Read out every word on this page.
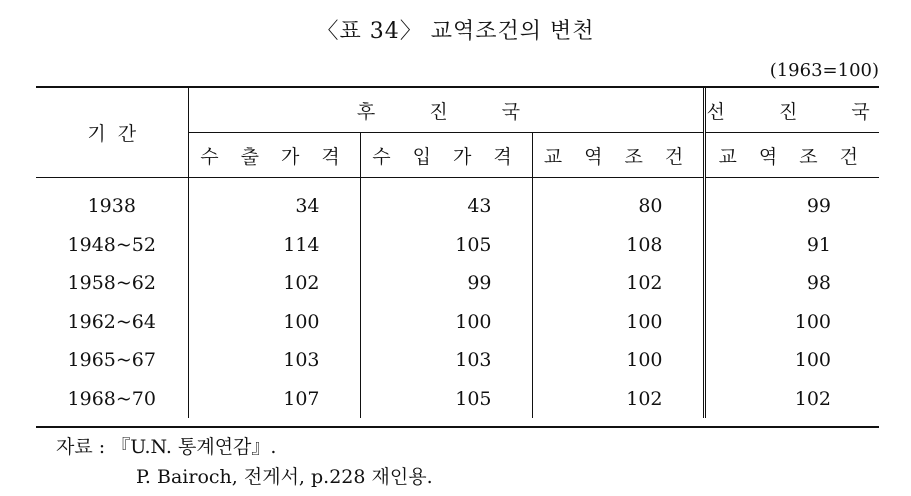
〈표 34〉 교역조건의 변천
(1963=100)
기  간	후  진  국			선  진  국
	수 출 가 격	수 입 가 격	교 역 조 건	교 역 조 건
1938	34	43	80	99
1948~52	114	105	108	91
1958~62	102	99	102	98
1962~64	100	100	100	100
1965~67	103	103	100	100
1968~70	107	105	102	102
자료 : 『U.N. 통계연감』.
P. Bairoch, 전게서, p.228 재인용.
